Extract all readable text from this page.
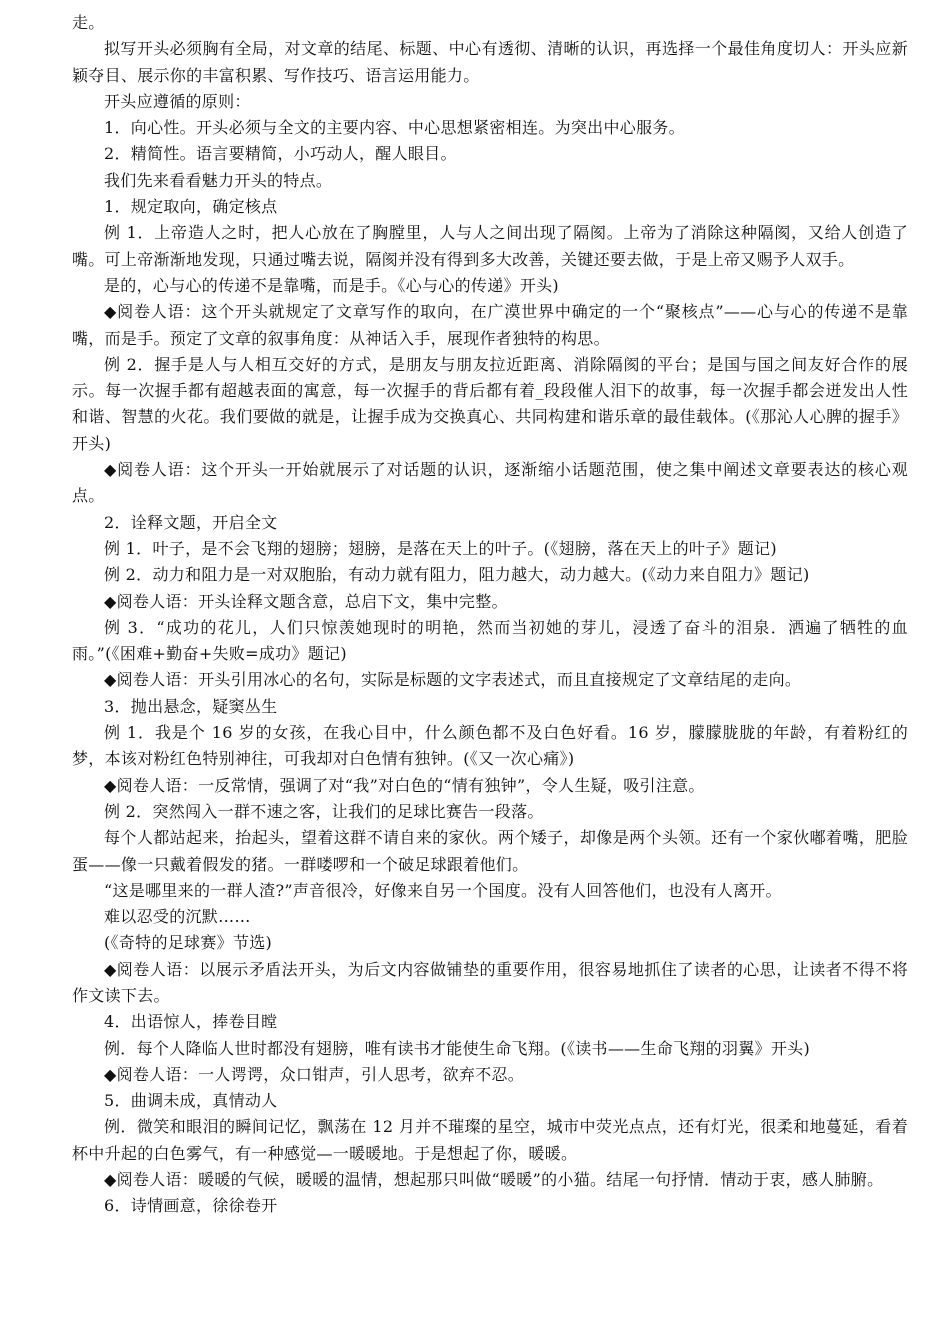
走。

拟写开头必须胸有全局，对文章的结尾、标题、中心有透彻、清晰的认识，再选择一个最佳角度切人：开头应新颖夺目、展示你的丰富积累、写作技巧、语言运用能力。

开头应遵循的原则：

1．向心性。开头必须与全文的主要内容、中心思想紧密相连。为突出中心服务。

2．精简性。语言要精简，小巧动人，醒人眼目。

我们先来看看魅力开头的特点。

1．规定取向，确定核点

例 1．上帝造人之时，把人心放在了胸膛里，人与人之间出现了隔阂。上帝为了消除这种隔阂，又给人创造了嘴。可上帝渐渐地发现，只通过嘴去说，隔阂并没有得到多大改善，关键还要去做，于是上帝又赐予人双手。

是的，心与心的传递不是靠嘴，而是手。《心与心的传递》开头)

◆阅卷人语：这个开头就规定了文章写作的取向，在广漠世界中确定的一个“聚核点”——心与心的传递不是靠嘴，而是手。预定了文章的叙事角度：从神话入手，展现作者独特的构思。

例 2．握手是人与人相互交好的方式，是朋友与朋友拉近距离、消除隔阂的平台；是国与国之间友好合作的展示。每一次握手都有超越表面的寓意，每一次握手的背后都有着_段段催人泪下的故事，每一次握手都会迸发出人性和谐、智慧的火花。我们要做的就是，让握手成为交换真心、共同构建和谐乐章的最佳载体。(《那沁人心脾的握手》开头)

◆阅卷人语：这个开头一开始就展示了对话题的认识，逐渐缩小话题范围，使之集中阐述文章要表达的核心观点。

2．诠释文题，开启全文

例 1．叶子，是不会飞翔的翅膀；翅膀，是落在天上的叶子。(《翅膀，落在天上的叶子》题记)

例 2．动力和阻力是一对双胞胎，有动力就有阻力，阻力越大，动力越大。(《动力来自阻力》题记)

◆阅卷人语：开头诠释文题含意，总启下文，集中完整。

例 3．“成功的花儿，人们只惊羡她现时的明艳，然而当初她的芽儿，浸透了奋斗的泪泉．洒遍了牺牲的血雨。”(《困难+勤奋+失败=成功》题记)

◆阅卷人语：开头引用冰心的名句，实际是标题的文字表述式，而且直接规定了文章结尾的走向。

3．抛出悬念，疑窦丛生

例 1．我是个 16 岁的女孩，在我心目中，什么颜色都不及白色好看。16 岁，朦朦胧胧的年龄，有着粉红的梦，本该对粉红色特别神往，可我却对白色情有独钟。(《又一次心痛》)

◆阅卷人语：一反常情，强调了对“我”对白色的“情有独钟”，令人生疑，吸引注意。

例 2．突然闯入一群不速之客，让我们的足球比赛告一段落。

每个人都站起来，抬起头，望着这群不请自来的家伙。两个矮子，却像是两个头领。还有一个家伙嘟着嘴，肥脸蛋——像一只戴着假发的猪。一群喽啰和一个破足球跟着他们。

“这是哪里来的一群人渣?”声音很冷，好像来自另一个国度。没有人回答他们，也没有人离开。

难以忍受的沉默……

(《奇特的足球赛》节选)

◆阅卷人语：以展示矛盾法开头，为后文内容做铺垫的重要作用，很容易地抓住了读者的心思，让读者不得不将作文读下去。

4．出语惊人，捧卷目瞠

例．每个人降临人世时都没有翅膀，唯有读书才能使生命飞翔。(《读书——生命飞翔的羽翼》开头)

◆阅卷人语：一人谔谔，众口钳声，引人思考，欲弃不忍。

5．曲调未成，真情动人

例．微笑和眼泪的瞬间记忆，飘荡在 12 月并不璀璨的星空，城市中荧光点点，还有灯光，很柔和地蔓延，看着杯中升起的白色雾气，有一种感觉—一暖暖地。于是想起了你，暖暖。

◆阅卷人语：暖暖的气候，暖暖的温情，想起那只叫做“暖暖”的小猫。结尾一句抒情．情动于衷，感人肺腑。

6．诗情画意，徐徐卷开
